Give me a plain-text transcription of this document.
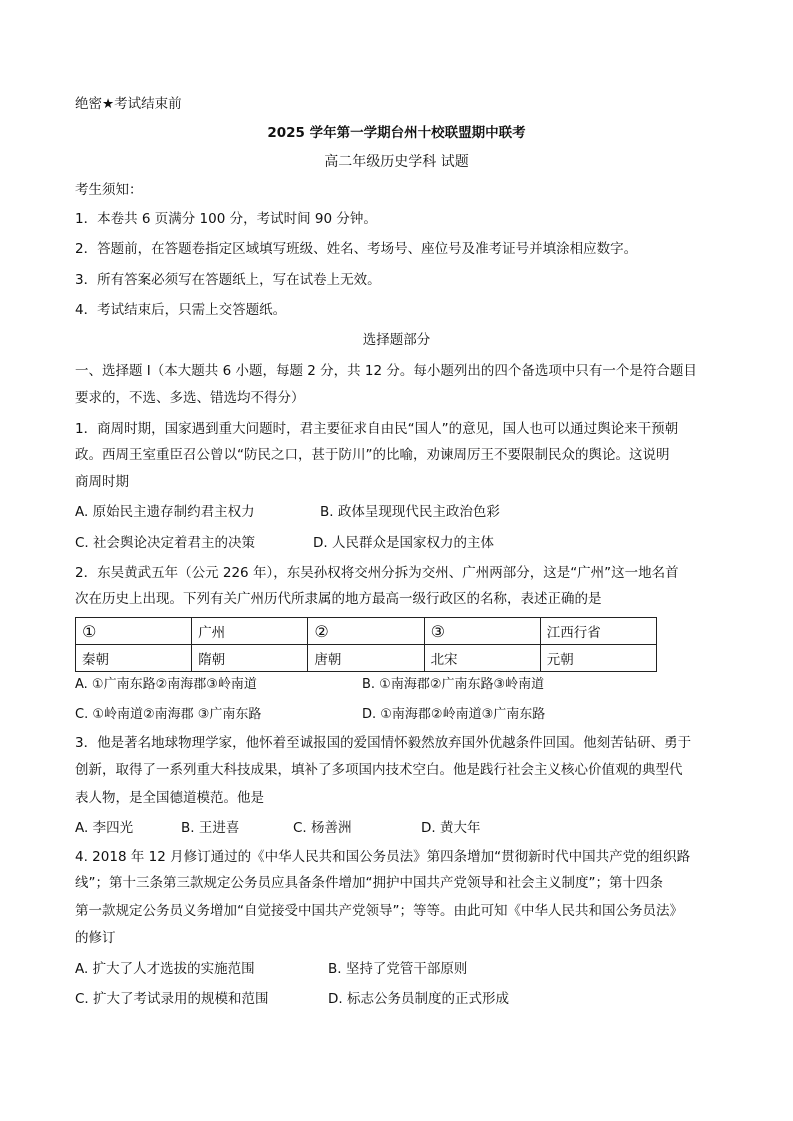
绝密★考试结束前
2025 学年第一学期台州十校联盟期中联考
高二年级历史学科 试题
考生须知：
1．本卷共 6 页满分 100 分，考试时间 90 分钟。
2．答题前，在答题卷指定区域填写班级、姓名、考场号、座位号及准考证号并填涂相应数字。
3．所有答案必须写在答题纸上，写在试卷上无效。
4．考试结束后，只需上交答题纸。
选择题部分
一、选择题 I（本大题共 6 小题，每题 2 分，共 12 分。每小题列出的四个备选项中只有一个是符合题目
要求的，不选、多选、错选均不得分）
1．商周时期，国家遇到重大问题时，君主要征求自由民“国人”的意见，国人也可以通过舆论来干预朝
政。西周王室重臣召公曾以“防民之口，甚于防川”的比喻，劝谏周厉王不要限制民众的舆论。这说明
商周时期
A. 原始民主遗存制约君主权力	B. 政体呈现现代民主政治色彩
C. 社会舆论决定着君主的决策	D. 人民群众是国家权力的主体
2．东吴黄武五年（公元 226 年），东吴孙权将交州分拆为交州、广州两部分，这是“广州”这一地名首
次在历史上出现。下列有关广州历代所隶属的地方最高一级行政区的名称，表述正确的是
①	广州	②	③	江西行省
秦朝	隋朝	唐朝	北宋	元朝
A. ①广南东路②南海郡③岭南道	B. ①南海郡②广南东路③岭南道
C. ①岭南道②南海郡 ③广南东路	D. ①南海郡②岭南道③广南东路
3．他是著名地球物理学家，他怀着至诚报国的爱国情怀毅然放弃国外优越条件回国。他刻苦钻研、勇于
创新，取得了一系列重大科技成果，填补了多项国内技术空白。他是践行社会主义核心价值观的典型代
表人物，是全国德道模范。他是
A. 李四光	B. 王进喜	C. 杨善洲	D. 黄大年
4. 2018 年 12 月修订通过的《中华人民共和国公务员法》第四条增加“贯彻新时代中国共产党的组织路
线”；第十三条第三款规定公务员应具备条件增加“拥护中国共产党领导和社会主义制度”；第十四条
第一款规定公务员义务增加“自觉接受中国共产党领导”；等等。由此可知《中华人民共和国公务员法》
的修订
A. 扩大了人才选拔的实施范围	B. 坚持了党管干部原则
C. 扩大了考试录用的规模和范围	D. 标志公务员制度的正式形成
